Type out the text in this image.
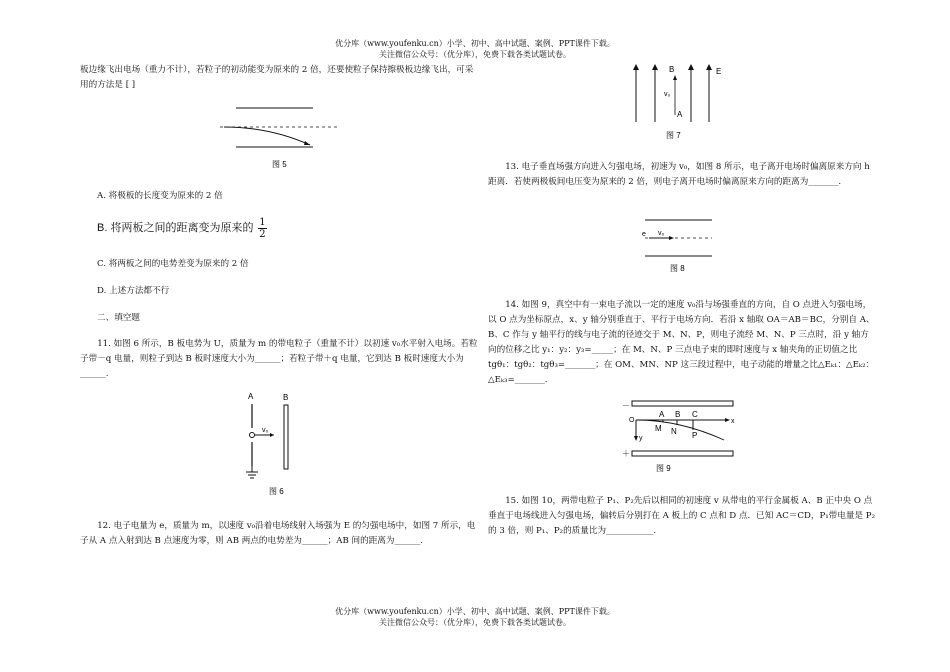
优分库（www.youfenku.cn）小学、初中、高中试题、案例、PPT课件下载。
关注微信公众号：（优分库），免费下载各类试题试卷。

板边缘飞出电场（重力不计），若粒子的初动能变为原来的 2 倍，还要使粒子保持擦极板边缘飞出，可采用的方法是 [ ]

图 5

A. 将极板的长度变为原来的 2 倍

B. 将两板之间的距离变为原来的 $\frac{1}{2}$

C. 将两板之间的电势差变为原来的 2 倍

D. 上述方法都不行

二、填空题

11. 如图 6 所示，B 板电势为 U，质量为 m 的带电粒子（重量不计）以初速 v₀水平射入电场。若粒子带－q 电量，则粒子到达 B 板时速度大小为______；若粒子带＋q 电量，它到达 B 板时速度大小为______.

A	B
v₀
图 6

12. 电子电量为 e，质量为 m，以速度 v₀沿着电场线射入场强为 E 的匀强电场中，如图 7 所示，电子从 A 点入射到达 B 点速度为零，则 AB 两点的电势差为______；AB 间的距离为______.

B
v₀
A
E
图 7

13. 电子垂直场强方向进入匀强电场，初速为 v₀，如图 8 所示，电子离开电场时偏离原来方向 h 距离．若使两极板间电压变为原来的 2 倍，则电子离开电场时偏离原来方向的距离为_______.

e v₀
图 8

14. 如图 9，真空中有一束电子流以一定的速度 v₀沿与场强垂直的方向，自 O 点进入匀强电场，以 O 点为坐标原点，x、y 轴分别垂直于、平行于电场方向．若沿 x 轴取 OA＝AB＝BC，分别自 A、B、C 作与 y 轴平行的线与电子流的径迹交于 M、N、P，则电子流经 M、N、P 三点时，沿 y 轴方向的位移之比 y₁：y₂：y₃=_____；在 M、N、P 三点电子束的即时速度与 x 轴夹角的正切值之比 tgθ₁：tgθ₂：tgθ₃=_______；在 OM、MN、NP 这三段过程中，电子动能的增量之比△Eₖ₁：△Eₖ₂：△Eₖ₃=_______.

－
＋
O	x
y
A B C
M N P
图 9

15. 如图 10，两带电粒子 P₁、P₂先后以相同的初速度 v 从带电的平行金属板 A、B 正中央 O 点垂直于电场线进入匀强电场，偏转后分别打在 A 板上的 C 点和 D 点．已知 AC＝CD，P₁带电量是 P₂的 3 倍，则 P₁、P₂的质量比为___________.

优分库（www.youfenku.cn）小学、初中、高中试题、案例、PPT课件下载。
关注微信公众号：（优分库），免费下载各类试题试卷。
